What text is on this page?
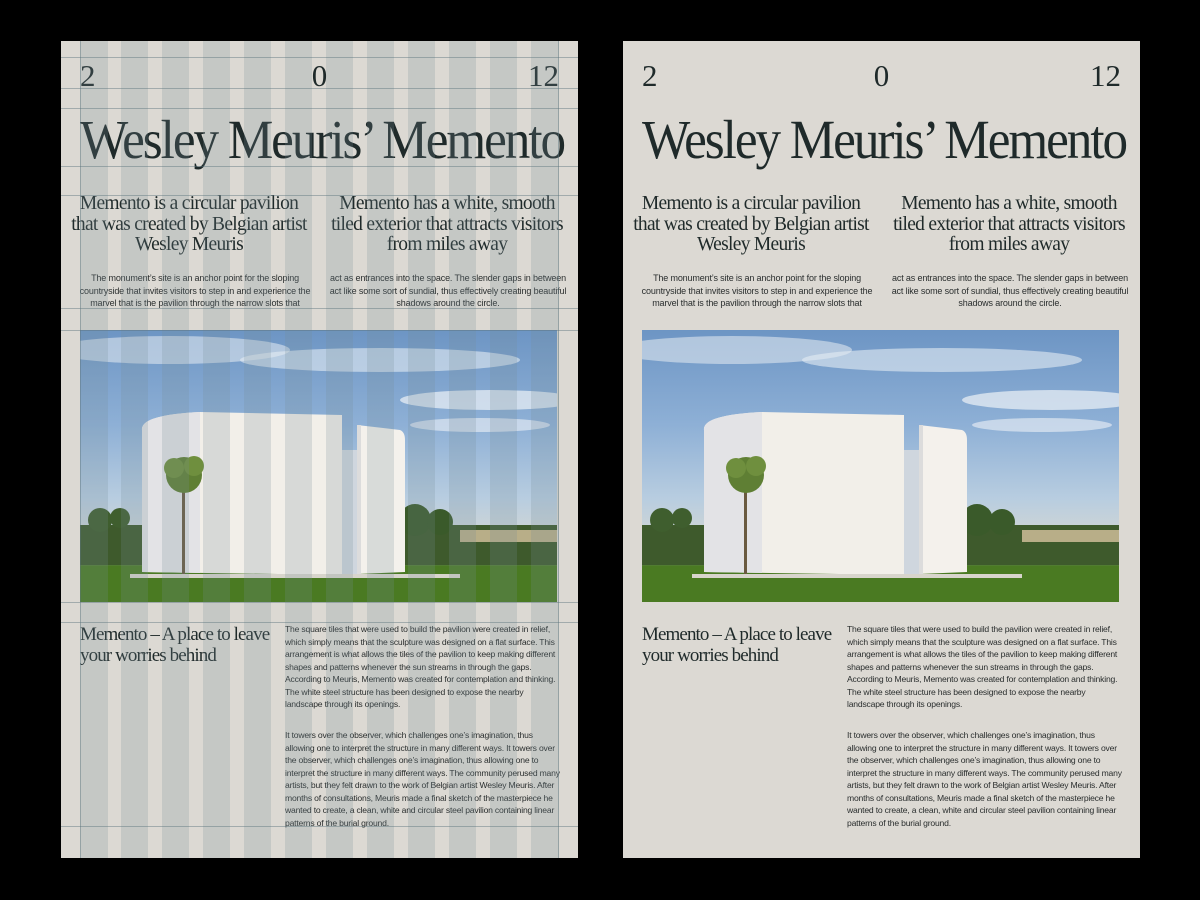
2	0	12
Wesley Meuris’ Memento
Memento is a circular pavilion that was created by Belgian artist Wesley Meuris
Memento has a white, smooth tiled exterior that attracts visitors from miles away
The monument’s site is an anchor point for the sloping countryside that invites visitors to step in and experience the marvel that is the pavilion through the narrow slots that
act as entrances into the space. The slender gaps in between act like some sort of sundial, thus effectively creating beautiful shadows around the circle.
Memento – A place to leave your worries behind
The square tiles that were used to build the pavilion were created in relief, which simply means that the sculpture was designed on a flat surface. This arrangement is what allows the tiles of the pavilion to keep making different shapes and patterns whenever the sun streams in through the gaps. According to Meuris, Memento was created for contemplation and thinking. The white steel structure has been designed to expose the nearby landscape through its openings.
It towers over the observer, which challenges one’s imagination, thus allowing one to interpret the structure in many different ways. It towers over the observer, which challenges one’s imagination, thus allowing one to interpret the structure in many different ways. The community perused many artists, but they felt drawn to the work of Belgian artist Wesley Meuris. After months of consultations, Meuris made a final sketch of the masterpiece he wanted to create, a clean, white and circular steel pavilion containing linear patterns of the burial ground.
2	0	12
Wesley Meuris’ Memento
Memento is a circular pavilion that was created by Belgian artist Wesley Meuris
Memento has a white, smooth tiled exterior that attracts visitors from miles away
The monument’s site is an anchor point for the sloping countryside that invites visitors to step in and experience the marvel that is the pavilion through the narrow slots that
act as entrances into the space. The slender gaps in between act like some sort of sundial, thus effectively creating beautiful shadows around the circle.
Memento – A place to leave your worries behind
The square tiles that were used to build the pavilion were created in relief, which simply means that the sculpture was designed on a flat surface. This arrangement is what allows the tiles of the pavilion to keep making different shapes and patterns whenever the sun streams in through the gaps. According to Meuris, Memento was created for contemplation and thinking. The white steel structure has been designed to expose the nearby landscape through its openings.
It towers over the observer, which challenges one’s imagination, thus allowing one to interpret the structure in many different ways. It towers over the observer, which challenges one’s imagination, thus allowing one to interpret the structure in many different ways. The community perused many artists, but they felt drawn to the work of Belgian artist Wesley Meuris. After months of consultations, Meuris made a final sketch of the masterpiece he wanted to create, a clean, white and circular steel pavilion containing linear patterns of the burial ground.
